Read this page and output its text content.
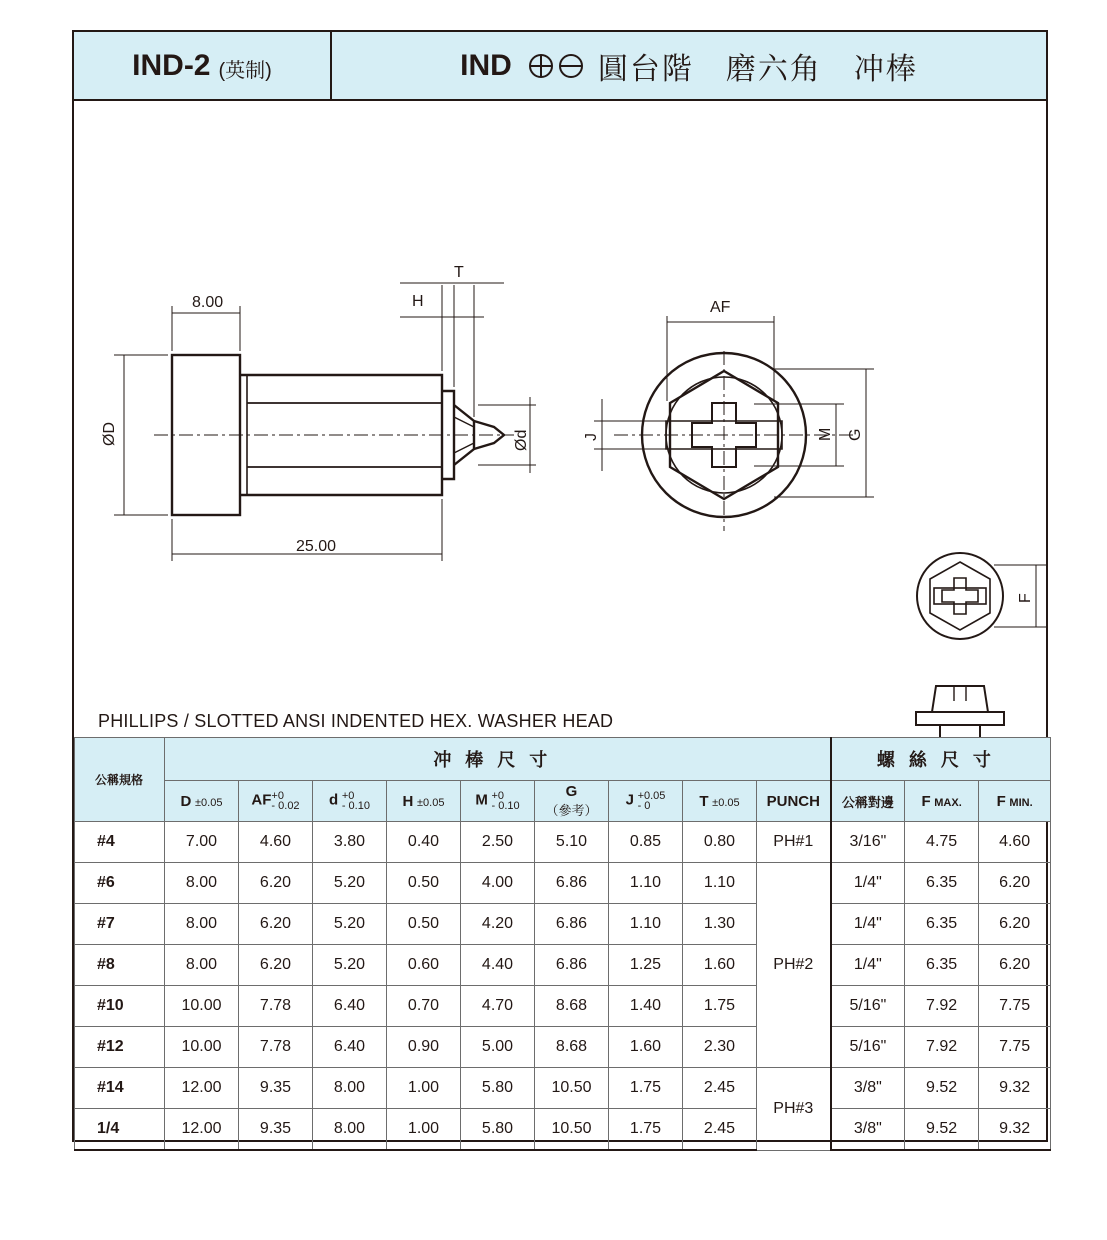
IND-2 (英制)	IND	圓台階　磨六角　冲棒
8.00
25.00
ØD	Ød
H
T
AF
J	M G
F
PHILLIPS / SLOTTED ANSI INDENTED HEX. WASHER HEAD
公稱規格	冲棒尺寸									螺絲尺寸		
	D ±0.05	AF+0
- 0.02	d +0
- 0.10	H ±0.05	M +0
- 0.10	G
（參考）	J +0.05
- 0	T ±0.05	PUNCH	公稱對邊	F MAX.	F MIN.
#4	7.00	4.60	3.80	0.40	2.50	5.10	0.85	0.80	PH#1	3/16"	4.75	4.60
#6	8.00	6.20	5.20	0.50	4.00	6.86	1.10	1.10	PH#2	1/4"	6.35	6.20
#7	8.00	6.20	5.20	0.50	4.20	6.86	1.10	1.30		1/4"	6.35	6.20
#8	8.00	6.20	5.20	0.60	4.40	6.86	1.25	1.60		1/4"	6.35	6.20
#10	10.00	7.78	6.40	0.70	4.70	8.68	1.40	1.75		5/16"	7.92	7.75
#12	10.00	7.78	6.40	0.90	5.00	8.68	1.60	2.30		5/16"	7.92	7.75
#14	12.00	9.35	8.00	1.00	5.80	10.50	1.75	2.45	PH#3	3/8"	9.52	9.32
1/4	12.00	9.35	8.00	1.00	5.80	10.50	1.75	2.45		3/8"	9.52	9.32
